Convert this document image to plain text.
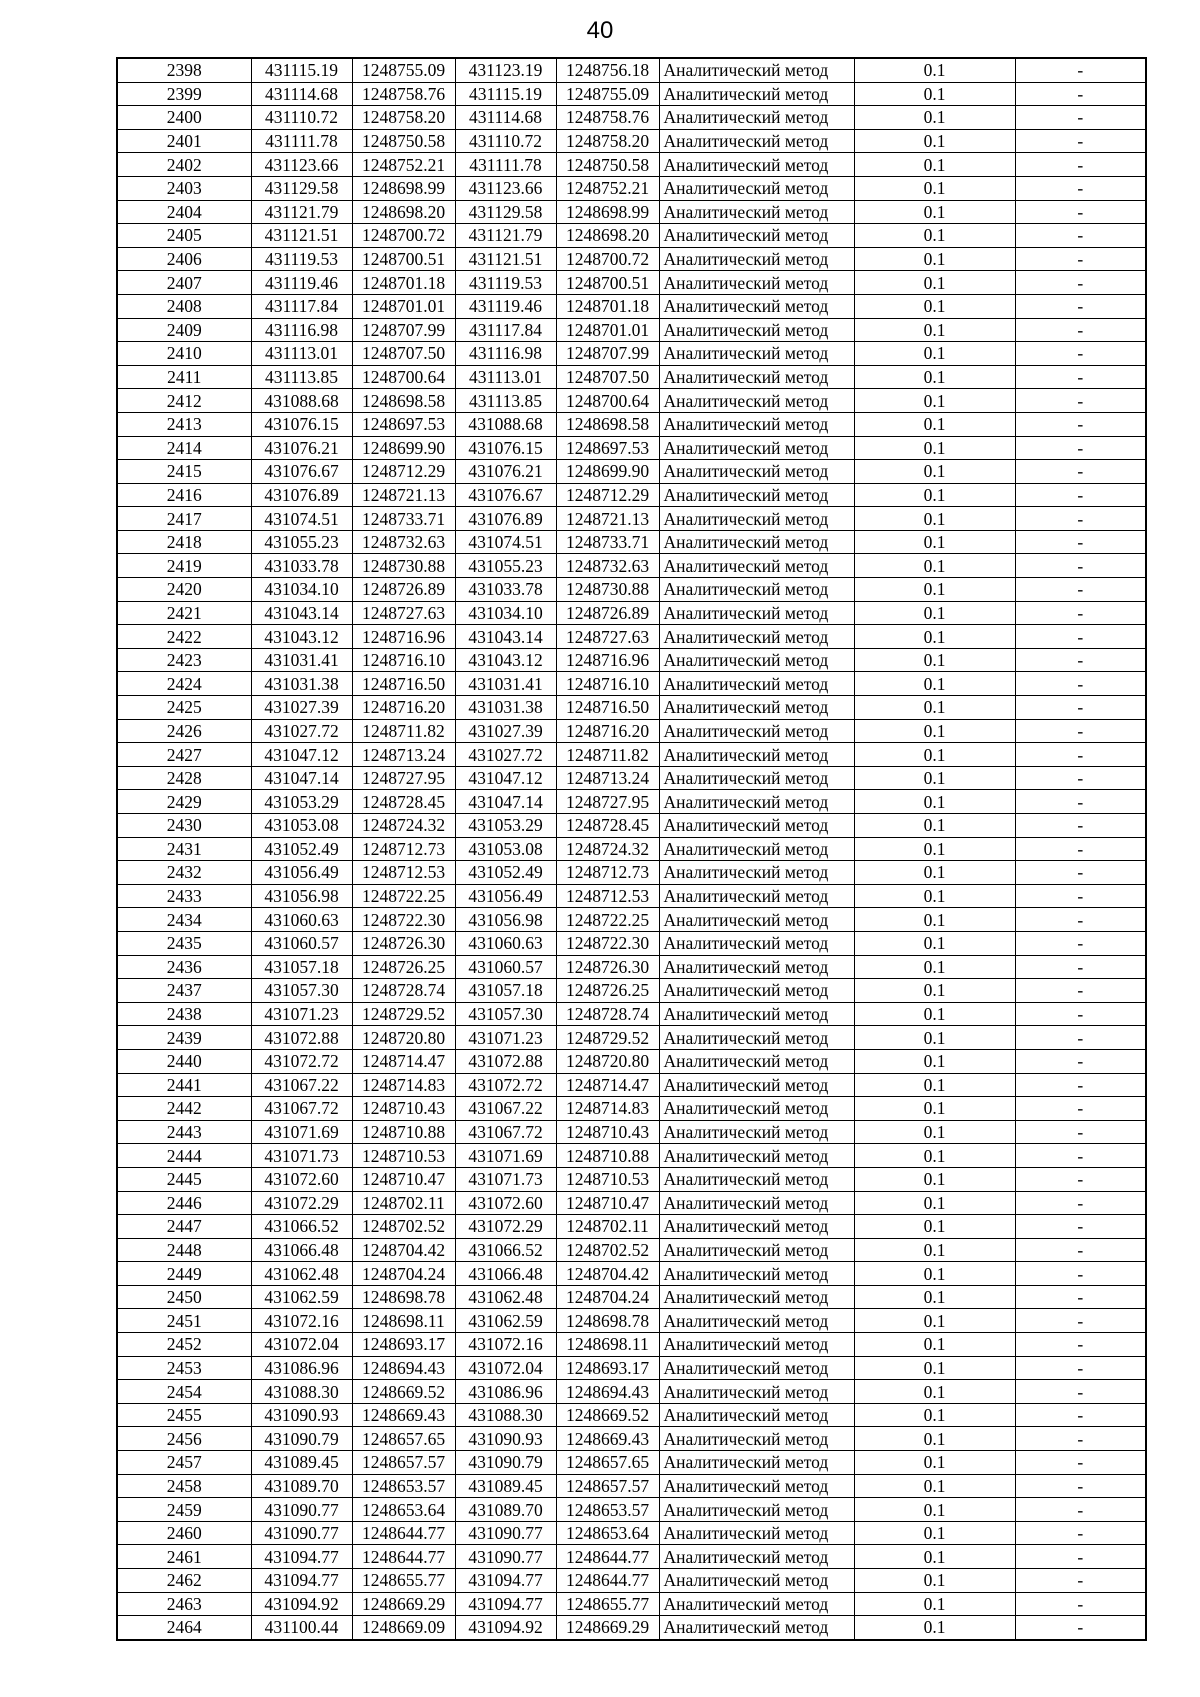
40
2398	431115.19	1248755.09	431123.19	1248756.18	Аналитический метод	0.1	-
2399	431114.68	1248758.76	431115.19	1248755.09	Аналитический метод	0.1	-
2400	431110.72	1248758.20	431114.68	1248758.76	Аналитический метод	0.1	-
2401	431111.78	1248750.58	431110.72	1248758.20	Аналитический метод	0.1	-
2402	431123.66	1248752.21	431111.78	1248750.58	Аналитический метод	0.1	-
2403	431129.58	1248698.99	431123.66	1248752.21	Аналитический метод	0.1	-
2404	431121.79	1248698.20	431129.58	1248698.99	Аналитический метод	0.1	-
2405	431121.51	1248700.72	431121.79	1248698.20	Аналитический метод	0.1	-
2406	431119.53	1248700.51	431121.51	1248700.72	Аналитический метод	0.1	-
2407	431119.46	1248701.18	431119.53	1248700.51	Аналитический метод	0.1	-
2408	431117.84	1248701.01	431119.46	1248701.18	Аналитический метод	0.1	-
2409	431116.98	1248707.99	431117.84	1248701.01	Аналитический метод	0.1	-
2410	431113.01	1248707.50	431116.98	1248707.99	Аналитический метод	0.1	-
2411	431113.85	1248700.64	431113.01	1248707.50	Аналитический метод	0.1	-
2412	431088.68	1248698.58	431113.85	1248700.64	Аналитический метод	0.1	-
2413	431076.15	1248697.53	431088.68	1248698.58	Аналитический метод	0.1	-
2414	431076.21	1248699.90	431076.15	1248697.53	Аналитический метод	0.1	-
2415	431076.67	1248712.29	431076.21	1248699.90	Аналитический метод	0.1	-
2416	431076.89	1248721.13	431076.67	1248712.29	Аналитический метод	0.1	-
2417	431074.51	1248733.71	431076.89	1248721.13	Аналитический метод	0.1	-
2418	431055.23	1248732.63	431074.51	1248733.71	Аналитический метод	0.1	-
2419	431033.78	1248730.88	431055.23	1248732.63	Аналитический метод	0.1	-
2420	431034.10	1248726.89	431033.78	1248730.88	Аналитический метод	0.1	-
2421	431043.14	1248727.63	431034.10	1248726.89	Аналитический метод	0.1	-
2422	431043.12	1248716.96	431043.14	1248727.63	Аналитический метод	0.1	-
2423	431031.41	1248716.10	431043.12	1248716.96	Аналитический метод	0.1	-
2424	431031.38	1248716.50	431031.41	1248716.10	Аналитический метод	0.1	-
2425	431027.39	1248716.20	431031.38	1248716.50	Аналитический метод	0.1	-
2426	431027.72	1248711.82	431027.39	1248716.20	Аналитический метод	0.1	-
2427	431047.12	1248713.24	431027.72	1248711.82	Аналитический метод	0.1	-
2428	431047.14	1248727.95	431047.12	1248713.24	Аналитический метод	0.1	-
2429	431053.29	1248728.45	431047.14	1248727.95	Аналитический метод	0.1	-
2430	431053.08	1248724.32	431053.29	1248728.45	Аналитический метод	0.1	-
2431	431052.49	1248712.73	431053.08	1248724.32	Аналитический метод	0.1	-
2432	431056.49	1248712.53	431052.49	1248712.73	Аналитический метод	0.1	-
2433	431056.98	1248722.25	431056.49	1248712.53	Аналитический метод	0.1	-
2434	431060.63	1248722.30	431056.98	1248722.25	Аналитический метод	0.1	-
2435	431060.57	1248726.30	431060.63	1248722.30	Аналитический метод	0.1	-
2436	431057.18	1248726.25	431060.57	1248726.30	Аналитический метод	0.1	-
2437	431057.30	1248728.74	431057.18	1248726.25	Аналитический метод	0.1	-
2438	431071.23	1248729.52	431057.30	1248728.74	Аналитический метод	0.1	-
2439	431072.88	1248720.80	431071.23	1248729.52	Аналитический метод	0.1	-
2440	431072.72	1248714.47	431072.88	1248720.80	Аналитический метод	0.1	-
2441	431067.22	1248714.83	431072.72	1248714.47	Аналитический метод	0.1	-
2442	431067.72	1248710.43	431067.22	1248714.83	Аналитический метод	0.1	-
2443	431071.69	1248710.88	431067.72	1248710.43	Аналитический метод	0.1	-
2444	431071.73	1248710.53	431071.69	1248710.88	Аналитический метод	0.1	-
2445	431072.60	1248710.47	431071.73	1248710.53	Аналитический метод	0.1	-
2446	431072.29	1248702.11	431072.60	1248710.47	Аналитический метод	0.1	-
2447	431066.52	1248702.52	431072.29	1248702.11	Аналитический метод	0.1	-
2448	431066.48	1248704.42	431066.52	1248702.52	Аналитический метод	0.1	-
2449	431062.48	1248704.24	431066.48	1248704.42	Аналитический метод	0.1	-
2450	431062.59	1248698.78	431062.48	1248704.24	Аналитический метод	0.1	-
2451	431072.16	1248698.11	431062.59	1248698.78	Аналитический метод	0.1	-
2452	431072.04	1248693.17	431072.16	1248698.11	Аналитический метод	0.1	-
2453	431086.96	1248694.43	431072.04	1248693.17	Аналитический метод	0.1	-
2454	431088.30	1248669.52	431086.96	1248694.43	Аналитический метод	0.1	-
2455	431090.93	1248669.43	431088.30	1248669.52	Аналитический метод	0.1	-
2456	431090.79	1248657.65	431090.93	1248669.43	Аналитический метод	0.1	-
2457	431089.45	1248657.57	431090.79	1248657.65	Аналитический метод	0.1	-
2458	431089.70	1248653.57	431089.45	1248657.57	Аналитический метод	0.1	-
2459	431090.77	1248653.64	431089.70	1248653.57	Аналитический метод	0.1	-
2460	431090.77	1248644.77	431090.77	1248653.64	Аналитический метод	0.1	-
2461	431094.77	1248644.77	431090.77	1248644.77	Аналитический метод	0.1	-
2462	431094.77	1248655.77	431094.77	1248644.77	Аналитический метод	0.1	-
2463	431094.92	1248669.29	431094.77	1248655.77	Аналитический метод	0.1	-
2464	431100.44	1248669.09	431094.92	1248669.29	Аналитический метод	0.1	-
